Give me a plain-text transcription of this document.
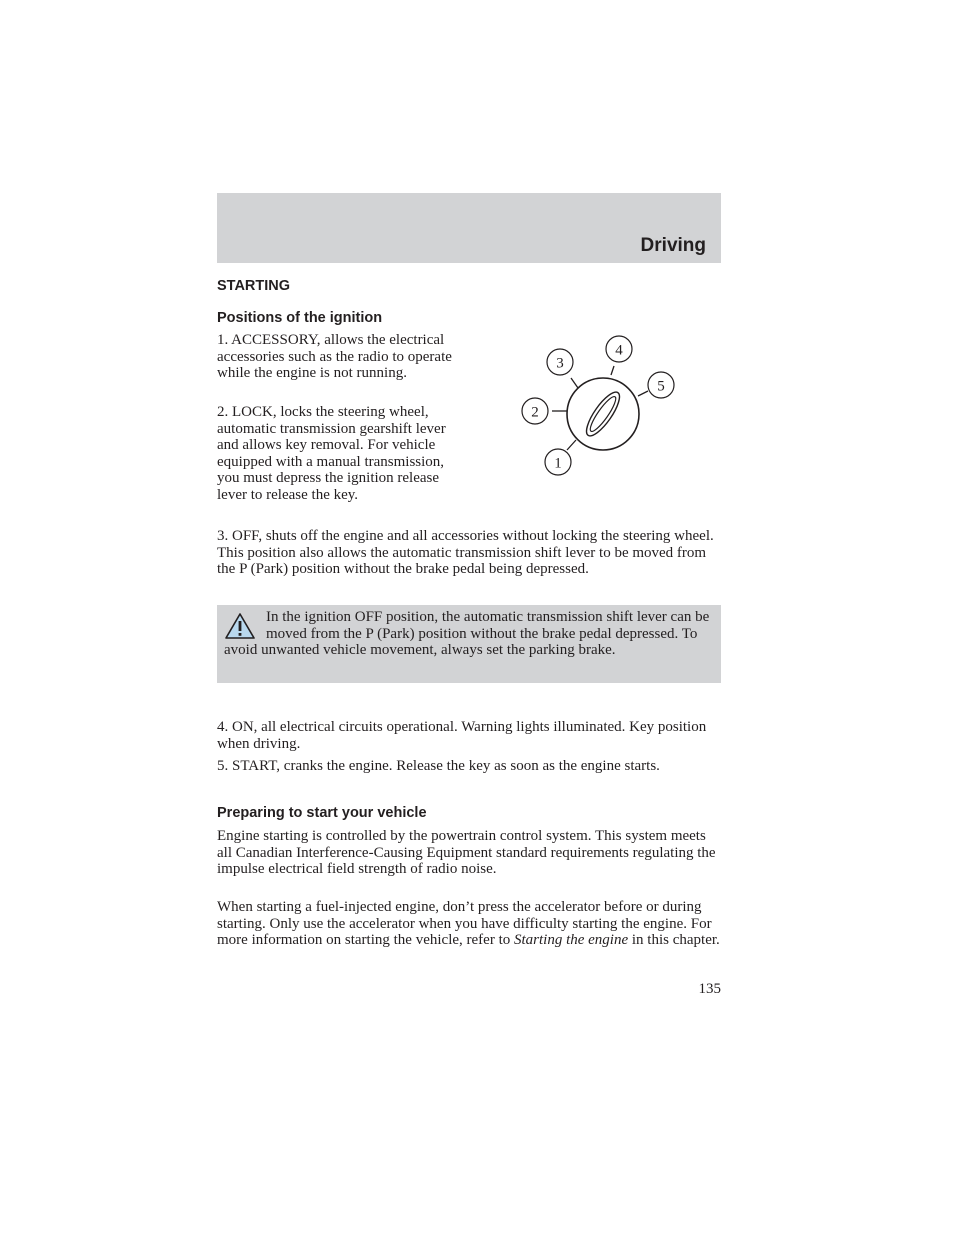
Driving
STARTING
Positions of the ignition

1. ACCESSORY, allows the electrical accessories such as the radio to operate while the engine is not running.

2. LOCK, locks the steering wheel, automatic transmission gearshift lever and allows key removal. For vehicle equipped with a manual transmission, you must depress the ignition release lever to release the key.

1
2
3
4
5

3. OFF, shuts off the engine and all accessories without locking the steering wheel. This position also allows the automatic transmission shift lever to be moved from the P (Park) position without the brake pedal being depressed.

In the ignition OFF position, the automatic transmission shift lever can be moved from the P (Park) position without the brake pedal depressed. To avoid unwanted vehicle movement, always set the parking brake.

4. ON, all electrical circuits operational. Warning lights illuminated. Key position when driving.

5. START, cranks the engine. Release the key as soon as the engine starts.

Preparing to start your vehicle

Engine starting is controlled by the powertrain control system. This system meets all Canadian Interference-Causing Equipment standard requirements regulating the impulse electrical field strength of radio noise.

When starting a fuel-injected engine, don’t press the accelerator before or during starting. Only use the accelerator when you have difficulty starting the engine. For more information on starting the vehicle, refer to Starting the engine in this chapter.

135
